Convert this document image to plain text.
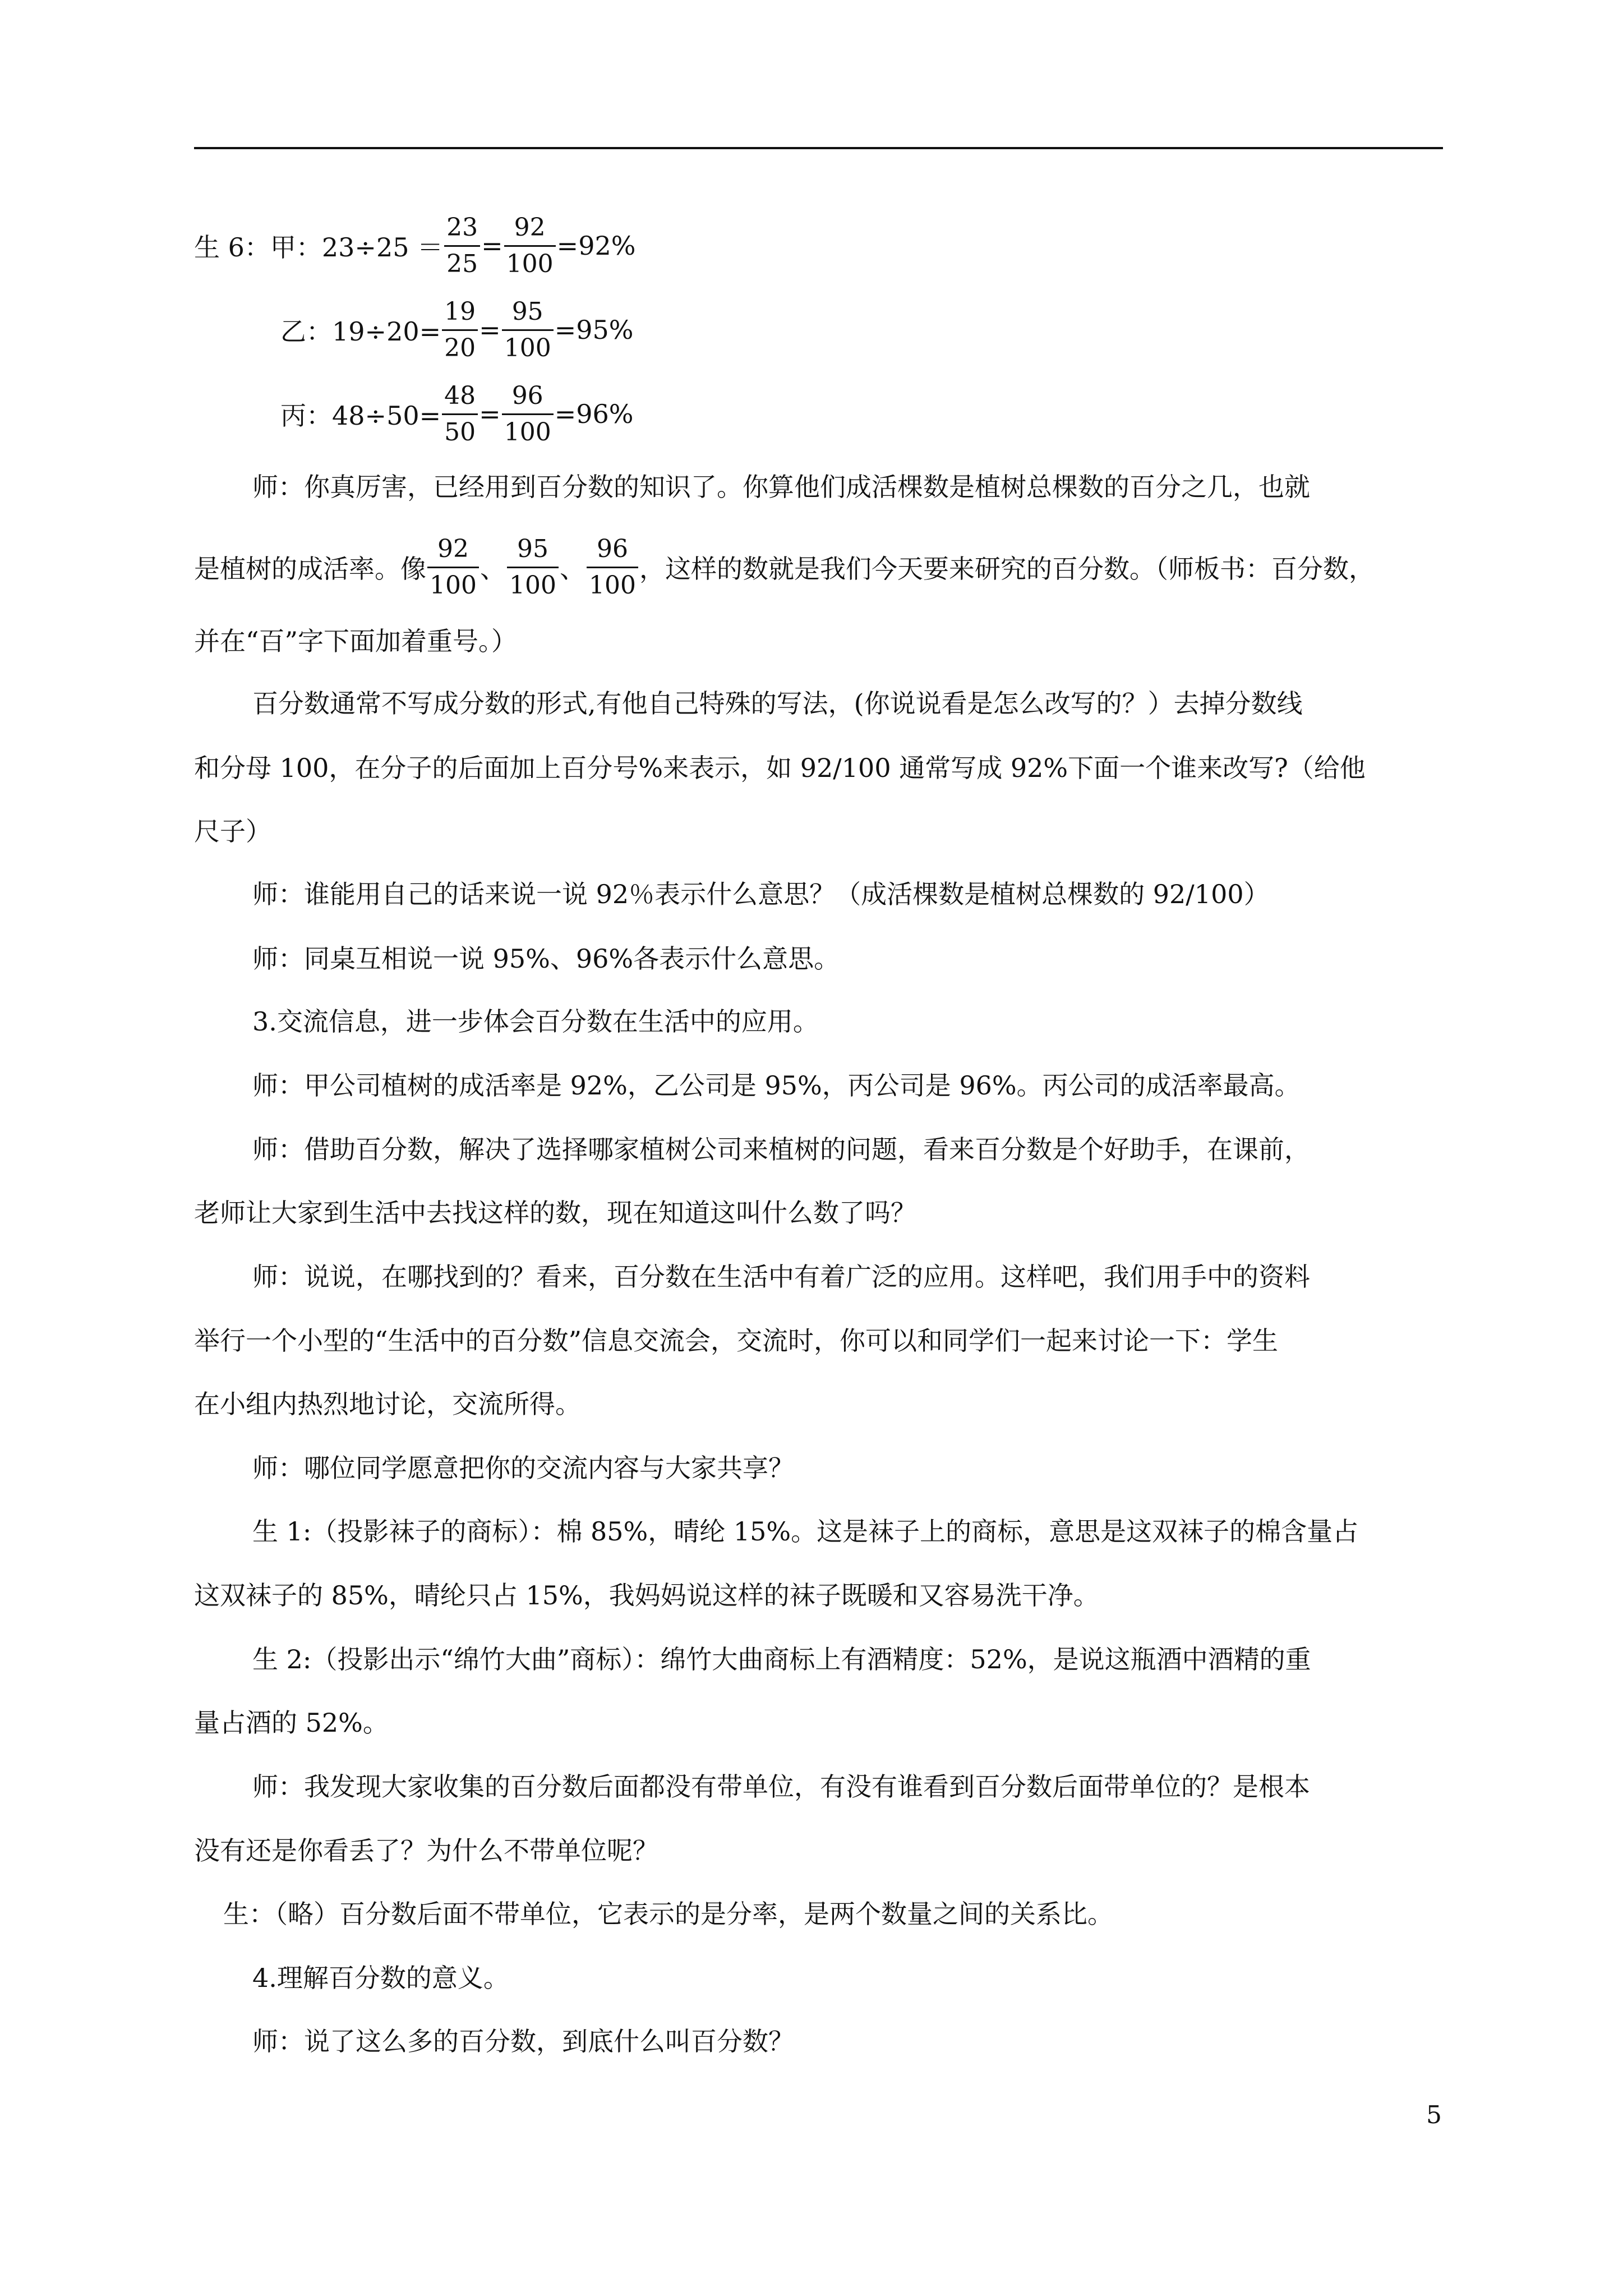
生 6：甲：$23\div 25 = \frac{23}{25} = \frac{92}{100} =92\%$
乙：$19\div 20= \frac{19}{20} = \frac{95}{100} =95\%$
丙：$48\div 50= \frac{48}{50} = \frac{96}{100} =96\%$
师：你真厉害，已经用到百分数的知识了。你算他们成活棵数是植树总棵数的百分之几，也就
是植树的成活率。像 $\frac{92}{100}$ 、 $\frac{95}{100}$ 、 $\frac{96}{100}$ ，这样的数就是我们今天要来研究的百分数。（师板书：百分数，
并在“百”字下面加着重号。）
百分数通常不写成分数的形式,有他自己特殊的写法，(你说说看是怎么改写的？）去掉分数线
和分母 100，在分子的后面加上百分号%来表示，如 92/100 通常写成 92%下面一个谁来改写?（给他
尺子）
师：谁能用自己的话来说一说 92％表示什么意思？（成活棵数是植树总棵数的 92/100）
师：同桌互相说一说 95%、96%各表示什么意思。
3.交流信息，进一步体会百分数在生活中的应用。
师：甲公司植树的成活率是 92%，乙公司是 95%，丙公司是 96%。丙公司的成活率最高。
师：借助百分数，解决了选择哪家植树公司来植树的问题，看来百分数是个好助手，在课前，
老师让大家到生活中去找这样的数，现在知道这叫什么数了吗？
师：说说，在哪找到的？看来，百分数在生活中有着广泛的应用。这样吧，我们用手中的资料
举行一个小型的“生活中的百分数”信息交流会，交流时，你可以和同学们一起来讨论一下：学生
在小组内热烈地讨论，交流所得。
师：哪位同学愿意把你的交流内容与大家共享？
生 1:（投影袜子的商标）：棉 85%，晴纶 15%。这是袜子上的商标，意思是这双袜子的棉含量占
这双袜子的 85%，晴纶只占 15%，我妈妈说这样的袜子既暖和又容易洗干净。
生 2:（投影出示“绵竹大曲”商标）：绵竹大曲商标上有酒精度：52%，是说这瓶酒中酒精的重
量占酒的 52%。
师：我发现大家收集的百分数后面都没有带单位，有没有谁看到百分数后面带单位的？是根本
没有还是你看丢了？为什么不带单位呢？
生：（略）百分数后面不带单位，它表示的是分率，是两个数量之间的关系比。
4.理解百分数的意义。
师：说了这么多的百分数，到底什么叫百分数？
5
